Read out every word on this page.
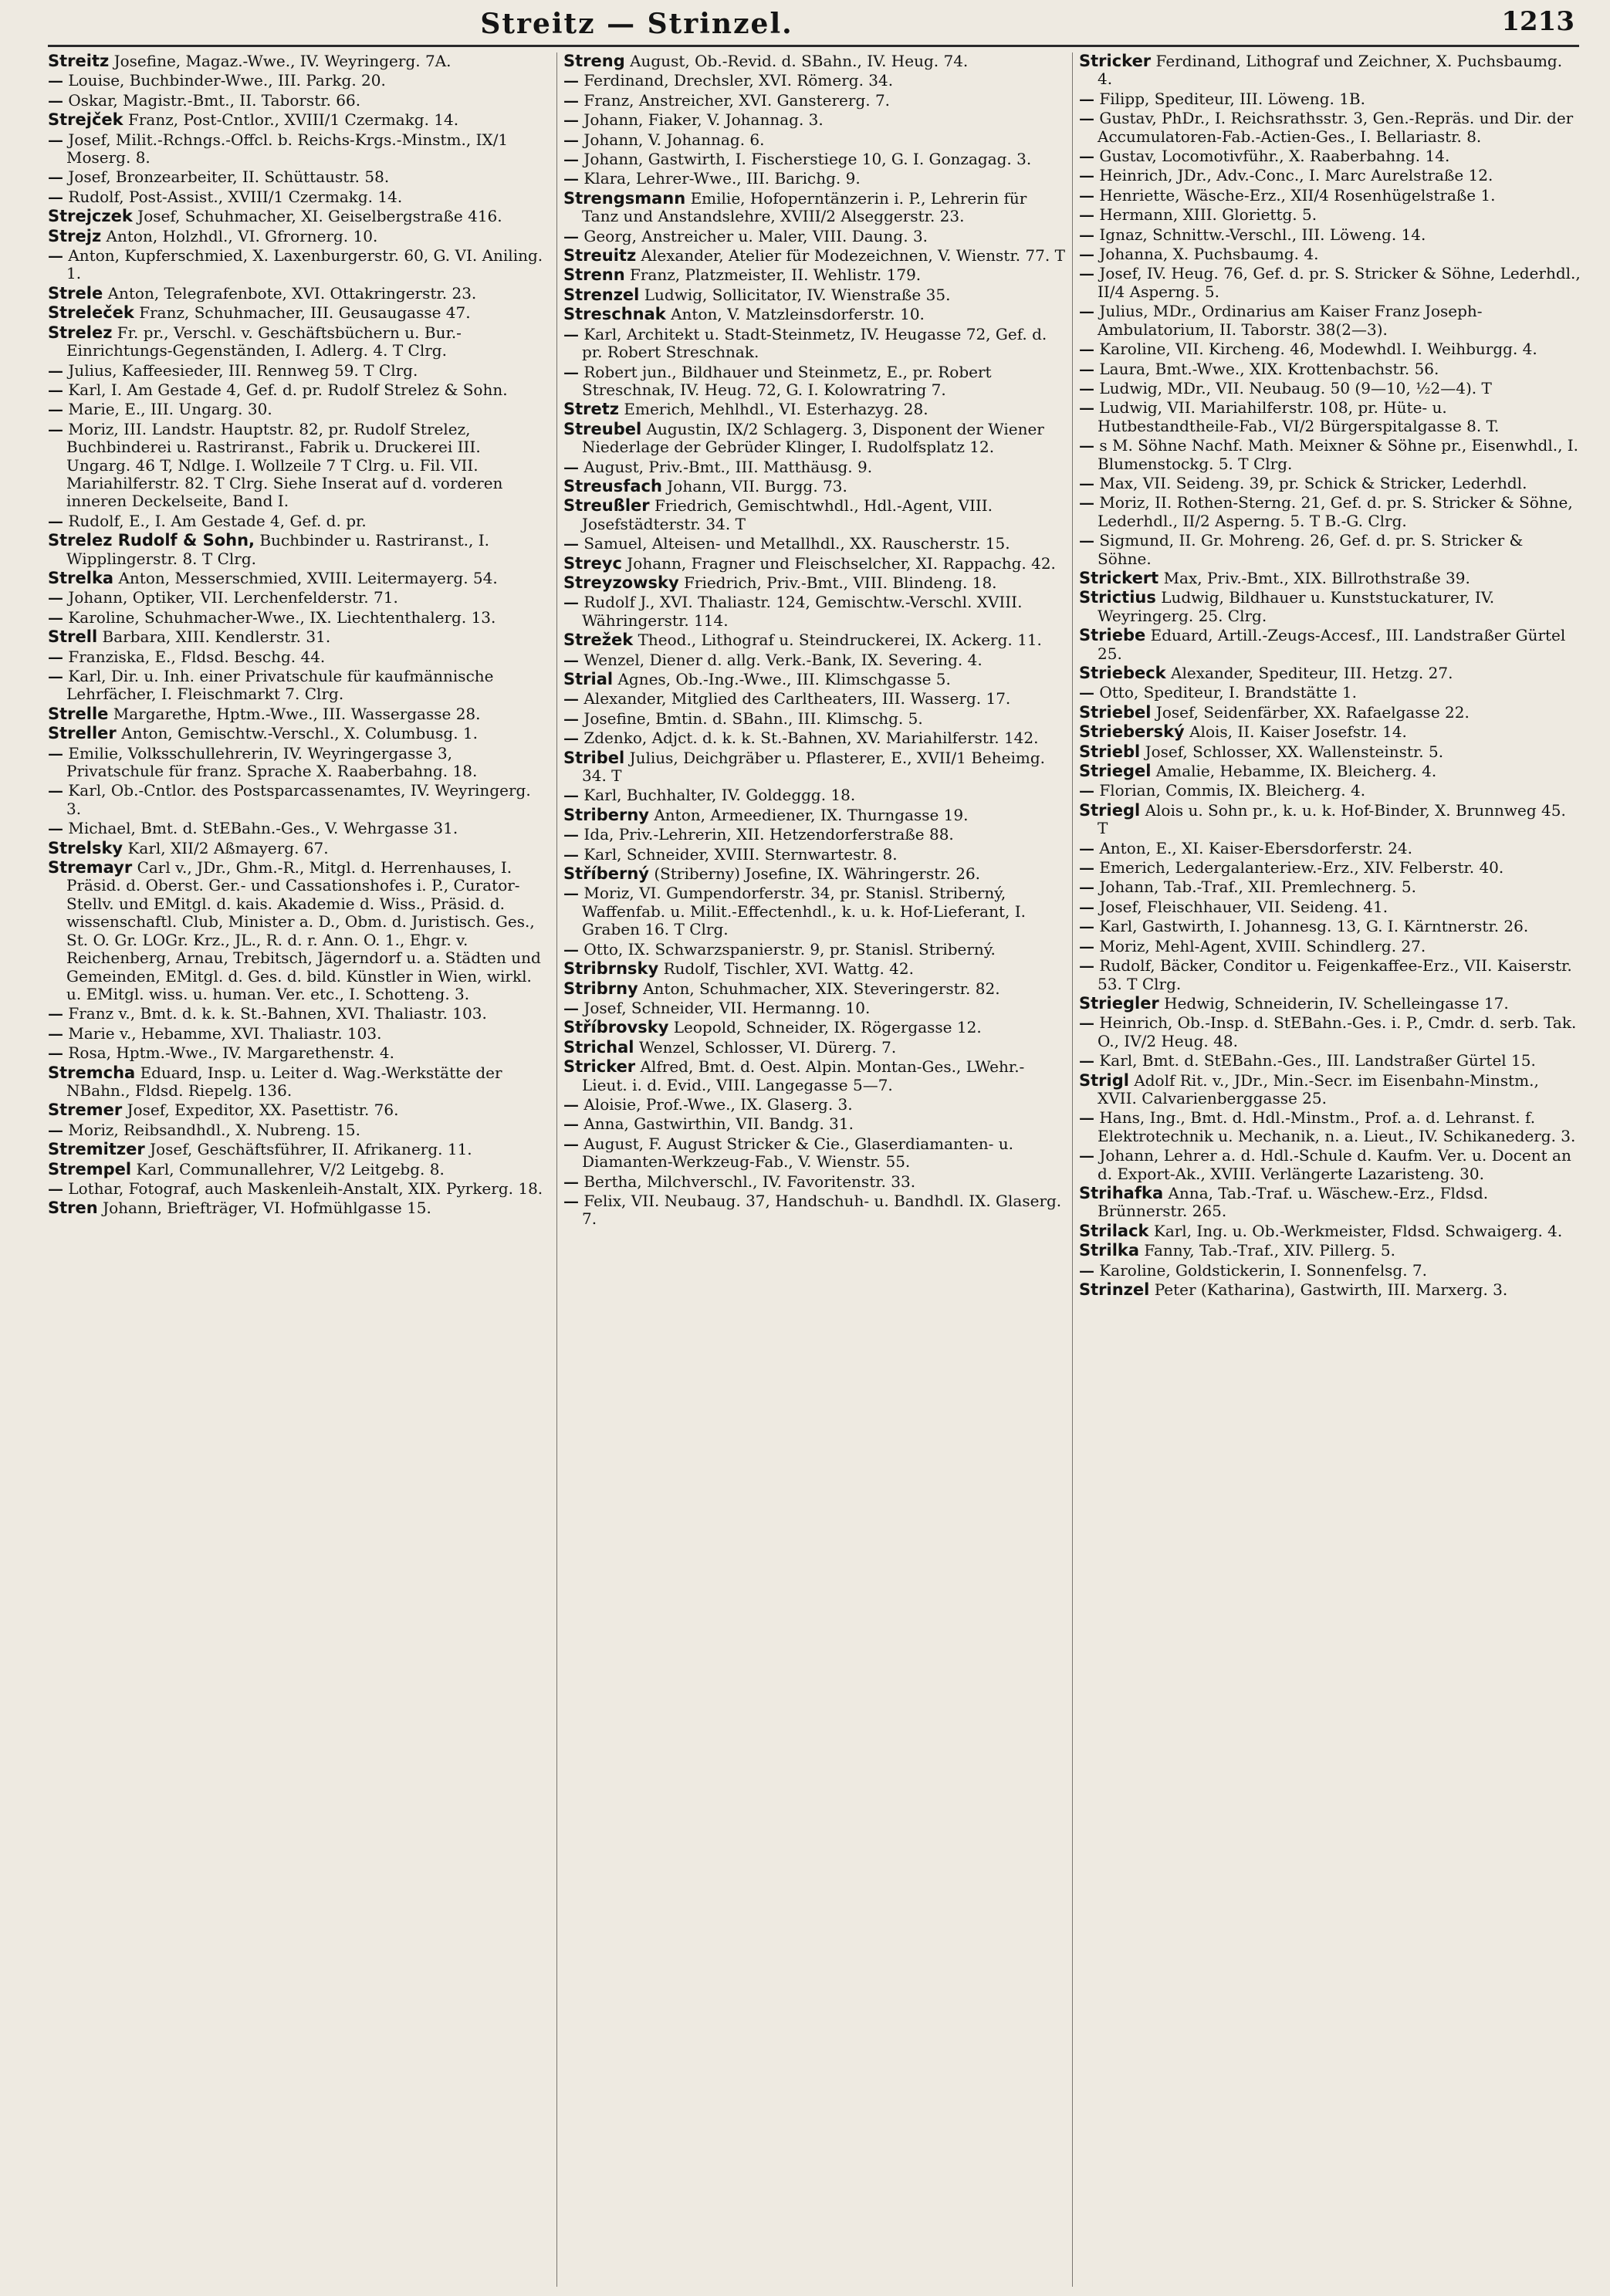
Streitz — Strinzel.	1213

Streitz Josefine, Magaz.-Wwe., IV. Weyringerg. 7A.

— Louise, Buchbinder-Wwe., III. Parkg. 20.

— Oskar, Magistr.-Bmt., II. Taborstr. 66.

Strejček Franz, Post-Cntlor., XVIII/1 Czermakg. 14.

— Josef, Milit.-Rchngs.-Offcl. b. Reichs-Krgs.-Minstm., IX/1 Moserg. 8.

— Josef, Bronzearbeiter, II. Schüttaustr. 58.

— Rudolf, Post-Assist., XVIII/1 Czermakg. 14.

Strejczek Josef, Schuhmacher, XI. Geiselbergstraße 416.

Strejz Anton, Holzhdl., VI. Gfrornerg. 10.

— Anton, Kupferschmied, X. Laxenburgerstr. 60, G. VI. Aniling. 1.

Strele Anton, Telegrafenbote, XVI. Ottakringerstr. 23.

Streleček Franz, Schuhmacher, III. Geusaugasse 47.

Strelez Fr. pr., Verschl. v. Geschäftsbüchern u. Bur.-Einrichtungs-Gegenständen, I. Adlerg. 4. T Clrg.

— Julius, Kaffeesieder, III. Rennweg 59. T Clrg.

— Karl, I. Am Gestade 4, Gef. d. pr. Rudolf Strelez & Sohn.

— Marie, E., III. Ungarg. 30.

— Moriz, III. Landstr. Hauptstr. 82, pr. Rudolf Strelez, Buchbinderei u. Rastriranst., Fabrik u. Druckerei III. Ungarg. 46 T, Ndlge. I. Wollzeile 7 T Clrg. u. Fil. VII. Mariahilferstr. 82. T Clrg. Siehe Inserat auf d. vorderen inneren Deckelseite, Band I.

— Rudolf, E., I. Am Gestade 4, Gef. d. pr.

Strelez Rudolf & Sohn, Buchbinder u. Rastriranst., I. Wipplingerstr. 8. T Clrg.

Strelka Anton, Messerschmied, XVIII. Leitermayerg. 54.

— Johann, Optiker, VII. Lerchenfelderstr. 71.

— Karoline, Schuhmacher-Wwe., IX. Liechtenthalerg. 13.

Strell Barbara, XIII. Kendlerstr. 31.

— Franziska, E., Fldsd. Beschg. 44.

— Karl, Dir. u. Inh. einer Privatschule für kaufmännische Lehrfächer, I. Fleischmarkt 7. Clrg.

Strelle Margarethe, Hptm.-Wwe., III. Wassergasse 28.

Streller Anton, Gemischtw.-Verschl., X. Columbusg. 1.

— Emilie, Volksschullehrerin, IV. Weyringergasse 3, Privatschule für franz. Sprache X. Raaberbahng. 18.

— Karl, Ob.-Cntlor. des Postsparcassenamtes, IV. Weyringerg. 3.

— Michael, Bmt. d. StEBahn.-Ges., V. Wehrgasse 31.

Strelsky Karl, XII/2 Aßmayerg. 67.

Stremayr Carl v., JDr., Ghm.-R., Mitgl. d. Herrenhauses, I. Präsid. d. Oberst. Ger.- und Cassationshofes i. P., Curator-Stellv. und EMitgl. d. kais. Akademie d. Wiss., Präsid. d. wissenschaftl. Club, Minister a. D., Obm. d. Juristisch. Ges., St. O. Gr. LOGr. Krz., JL., R. d. r. Ann. O. 1., Ehgr. v. Reichenberg, Arnau, Trebitsch, Jägerndorf u. a. Städten und Gemeinden, EMitgl. d. Ges. d. bild. Künstler in Wien, wirkl. u. EMitgl. wiss. u. human. Ver. etc., I. Schotteng. 3.

— Franz v., Bmt. d. k. k. St.-Bahnen, XVI. Thaliastr. 103.

— Marie v., Hebamme, XVI. Thaliastr. 103.

— Rosa, Hptm.-Wwe., IV. Margarethenstr. 4.

Stremcha Eduard, Insp. u. Leiter d. Wag.-Werkstätte der NBahn., Fldsd. Riepelg. 136.

Stremer Josef, Expeditor, XX. Pasettistr. 76.

— Moriz, Reibsandhdl., X. Nubreng. 15.

Stremitzer Josef, Geschäftsführer, II. Afrikanerg. 11.

Strempel Karl, Communallehrer, V/2 Leitgebg. 8.

— Lothar, Fotograf, auch Maskenleih-Anstalt, XIX. Pyrkerg. 18.

Stren Johann, Briefträger, VI. Hofmühlgasse 15.

Streng August, Ob.-Revid. d. SBahn., IV. Heug. 74.

— Ferdinand, Drechsler, XVI. Römerg. 34.

— Franz, Anstreicher, XVI. Ganstererg. 7.

— Johann, Fiaker, V. Johannag. 3.

— Johann, V. Johannag. 6.

— Johann, Gastwirth, I. Fischerstiege 10, G. I. Gonzagag. 3.

— Klara, Lehrer-Wwe., III. Barichg. 9.

Strengsmann Emilie, Hofoperntänzerin i. P., Lehrerin für Tanz und Anstandslehre, XVIII/2 Alseggerstr. 23.

— Georg, Anstreicher u. Maler, VIII. Daung. 3.

Streuitz Alexander, Atelier für Modezeichnen, V. Wienstr. 77. T

Strenn Franz, Platzmeister, II. Wehlistr. 179.

Strenzel Ludwig, Sollicitator, IV. Wienstraße 35.

Streschnak Anton, V. Matzleinsdorferstr. 10.

— Karl, Architekt u. Stadt-Steinmetz, IV. Heugasse 72, Gef. d. pr. Robert Streschnak.

— Robert jun., Bildhauer und Steinmetz, E., pr. Robert Streschnak, IV. Heug. 72, G. I. Kolowratring 7.

Stretz Emerich, Mehlhdl., VI. Esterhazyg. 28.

Streubel Augustin, IX/2 Schlagerg. 3, Disponent der Wiener Niederlage der Gebrüder Klinger, I. Rudolfsplatz 12.

— August, Priv.-Bmt., III. Matthäusg. 9.

Streusfach Johann, VII. Burgg. 73.

Streußler Friedrich, Gemischtwhdl., Hdl.-Agent, VIII. Josefstädterstr. 34. T

— Samuel, Alteisen- und Metallhdl., XX. Rauscherstr. 15.

Streyc Johann, Fragner und Fleischselcher, XI. Rappachg. 42.

Streyzowsky Friedrich, Priv.-Bmt., VIII. Blindeng. 18.

— Rudolf J., XVI. Thaliastr. 124, Gemischtw.-Verschl. XVIII. Währingerstr. 114.

Strežek Theod., Lithograf u. Steindruckerei, IX. Ackerg. 11.

— Wenzel, Diener d. allg. Verk.-Bank, IX. Severing. 4.

Strial Agnes, Ob.-Ing.-Wwe., III. Klimschgasse 5.

— Alexander, Mitglied des Carltheaters, III. Wasserg. 17.

— Josefine, Bmtin. d. SBahn., III. Klimschg. 5.

— Zdenko, Adjct. d. k. k. St.-Bahnen, XV. Mariahilferstr. 142.

Stribel Julius, Deichgräber u. Pflasterer, E., XVII/1 Beheimg. 34. T

— Karl, Buchhalter, IV. Goldeggg. 18.

Striberny Anton, Armeediener, IX. Thurngasse 19.

— Ida, Priv.-Lehrerin, XII. Hetzendorferstraße 88.

— Karl, Schneider, XVIII. Sternwartestr. 8.

Stříberný (Striberny) Josefine, IX. Währingerstr. 26.

— Moriz, VI. Gumpendorferstr. 34, pr. Stanisl. Striberný, Waffenfab. u. Milit.-Effectenhdl., k. u. k. Hof-Lieferant, I. Graben 16. T Clrg.

— Otto, IX. Schwarzspanierstr. 9, pr. Stanisl. Striberný.

Stribrnsky Rudolf, Tischler, XVI. Wattg. 42.

Stribrny Anton, Schuhmacher, XIX. Steveringerstr. 82.

— Josef, Schneider, VII. Hermanng. 10.

Stříbrovsky Leopold, Schneider, IX. Rögergasse 12.

Strichal Wenzel, Schlosser, VI. Dürerg. 7.

Stricker Alfred, Bmt. d. Oest. Alpin. Montan-Ges., LWehr.-Lieut. i. d. Evid., VIII. Langegasse 5—7.

— Aloisie, Prof.-Wwe., IX. Glaserg. 3.

— Anna, Gastwirthin, VII. Bandg. 31.

— August, F. August Stricker & Cie., Glaserdiamanten- u. Diamanten-Werkzeug-Fab., V. Wienstr. 55.

— Bertha, Milchverschl., IV. Favoritenstr. 33.

— Felix, VII. Neubaug. 37, Handschuh- u. Bandhdl. IX. Glaserg. 7.

Stricker Ferdinand, Lithograf und Zeichner, X. Puchsbaumg. 4.

— Filipp, Spediteur, III. Löweng. 1B.

— Gustav, PhDr., I. Reichsrathsstr. 3, Gen.-Repräs. und Dir. der Accumulatoren-Fab.-Actien-Ges., I. Bellariastr. 8.

— Gustav, Locomotivführ., X. Raaberbahng. 14.

— Heinrich, JDr., Adv.-Conc., I. Marc Aurelstraße 12.

— Henriette, Wäsche-Erz., XII/4 Rosenhügelstraße 1.

— Hermann, XIII. Gloriettg. 5.

— Ignaz, Schnittw.-Verschl., III. Löweng. 14.

— Johanna, X. Puchsbaumg. 4.

— Josef, IV. Heug. 76, Gef. d. pr. S. Stricker & Söhne, Lederhdl., II/4 Asperng. 5.

— Julius, MDr., Ordinarius am Kaiser Franz Joseph-Ambulatorium, II. Taborstr. 38(2—3).

— Karoline, VII. Kircheng. 46, Modewhdl. I. Weihburgg. 4.

— Laura, Bmt.-Wwe., XIX. Krottenbachstr. 56.

— Ludwig, MDr., VII. Neubaug. 50 (9—10, ½2—4). T

— Ludwig, VII. Mariahilferstr. 108, pr. Hüte- u. Hutbestandtheile-Fab., VI/2 Bürgerspitalgasse 8. T.

— s M. Söhne Nachf. Math. Meixner & Söhne pr., Eisenwhdl., I. Blumenstockg. 5. T Clrg.

— Max, VII. Seideng. 39, pr. Schick & Stricker, Lederhdl.

— Moriz, II. Rothen-Sterng. 21, Gef. d. pr. S. Stricker & Söhne, Lederhdl., II/2 Asperng. 5. T B.-G. Clrg.

— Sigmund, II. Gr. Mohreng. 26, Gef. d. pr. S. Stricker & Söhne.

Strickert Max, Priv.-Bmt., XIX. Billrothstraße 39.

Strictius Ludwig, Bildhauer u. Kunststuckaturer, IV. Weyringerg. 25. Clrg.

Striebe Eduard, Artill.-Zeugs-Accesf., III. Landstraßer Gürtel 25.

Striebeck Alexander, Spediteur, III. Hetzg. 27.

— Otto, Spediteur, I. Brandstätte 1.

Striebel Josef, Seidenfärber, XX. Rafaelgasse 22.

Strieberský Alois, II. Kaiser Josefstr. 14.

Striebl Josef, Schlosser, XX. Wallensteinstr. 5.

Striegel Amalie, Hebamme, IX. Bleicherg. 4.

— Florian, Commis, IX. Bleicherg. 4.

Striegl Alois u. Sohn pr., k. u. k. Hof-Binder, X. Brunnweg 45. T

— Anton, E., XI. Kaiser-Ebersdorferstr. 24.

— Emerich, Ledergalanteriew.-Erz., XIV. Felberstr. 40.

— Johann, Tab.-Traf., XII. Premlechnerg. 5.

— Josef, Fleischhauer, VII. Seideng. 41.

— Karl, Gastwirth, I. Johannesg. 13, G. I. Kärntnerstr. 26.

— Moriz, Mehl-Agent, XVIII. Schindlerg. 27.

— Rudolf, Bäcker, Conditor u. Feigenkaffee-Erz., VII. Kaiserstr. 53. T Clrg.

Striegler Hedwig, Schneiderin, IV. Schelleingasse 17.

— Heinrich, Ob.-Insp. d. StEBahn.-Ges. i. P., Cmdr. d. serb. Tak. O., IV/2 Heug. 48.

— Karl, Bmt. d. StEBahn.-Ges., III. Landstraßer Gürtel 15.

Strigl Adolf Rit. v., JDr., Min.-Secr. im Eisenbahn-Minstm., XVII. Calvarienberggasse 25.

— Hans, Ing., Bmt. d. Hdl.-Minstm., Prof. a. d. Lehranst. f. Elektrotechnik u. Mechanik, n. a. Lieut., IV. Schikanederg. 3.

— Johann, Lehrer a. d. Hdl.-Schule d. Kaufm. Ver. u. Docent an d. Export-Ak., XVIII. Verlängerte Lazaristeng. 30.

Strihafka Anna, Tab.-Traf. u. Wäschew.-Erz., Fldsd. Brünnerstr. 265.

Strilack Karl, Ing. u. Ob.-Werkmeister, Fldsd. Schwaigerg. 4.

Strilka Fanny, Tab.-Traf., XIV. Pillerg. 5.

— Karoline, Goldstickerin, I. Sonnenfelsg. 7.

Strinzel Peter (Katharina), Gastwirth, III. Marxerg. 3.
